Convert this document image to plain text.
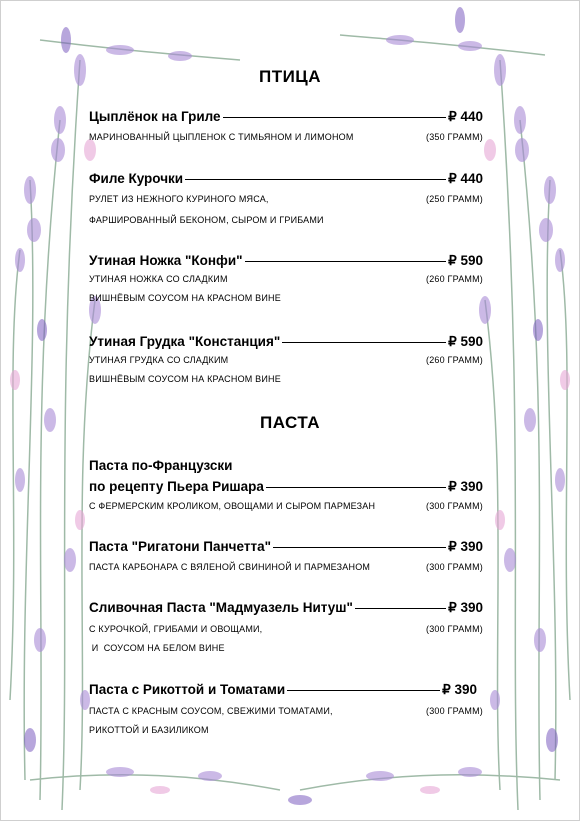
ПТИЦА
Цыплёнок на Гриле	₽ 440
МАРИНОВАННЫЙ ЦЫПЛЕНОК С ТИМЬЯНОМ И ЛИМОНОМ	(350 ГРАММ)
Филе Курочки	₽ 440
РУЛЕТ ИЗ НЕЖНОГО КУРИНОГО МЯСА,	(250 ГРАММ)
ФАРШИРОВАННЫЙ БЕКОНОМ, СЫРОМ И ГРИБАМИ
Утиная Ножка "Конфи"	₽ 590
УТИНАЯ НОЖКА СО СЛАДКИМ	(260 ГРАММ)
ВИШНЁВЫМ СОУСОМ НА КРАСНОМ ВИНЕ
Утиная Грудка "Констанция"	₽ 590
УТИНАЯ ГРУДКА СО СЛАДКИМ	(260 ГРАММ)
ВИШНЁВЫМ СОУСОМ НА КРАСНОМ ВИНЕ
ПАСТА
Паста по-Французски
по рецепту Пьера Ришара	₽ 390
С ФЕРМЕРСКИМ КРОЛИКОМ, ОВОЩАМИ И СЫРОМ ПАРМЕЗАН	(300 ГРАММ)
Паста "Ригатони Панчетта"	₽ 390
ПАСТА КАРБОНАРА С ВЯЛЕНОЙ СВИНИНОЙ И ПАРМЕЗАНОМ	(300 ГРАММ)
Сливочная Паста "Мадмуазель Нитуш"	₽ 390
С КУРОЧКОЙ, ГРИБАМИ И ОВОЩАМИ,	(300 ГРАММ)
И  СОУСОМ НА БЕЛОМ ВИНЕ
Паста с Рикоттой и Томатами	₽ 390
ПАСТА С КРАСНЫМ СОУСОМ, СВЕЖИМИ ТОМАТАМИ,	(300 ГРАММ)
РИКОТТОЙ И БАЗИЛИКОМ
